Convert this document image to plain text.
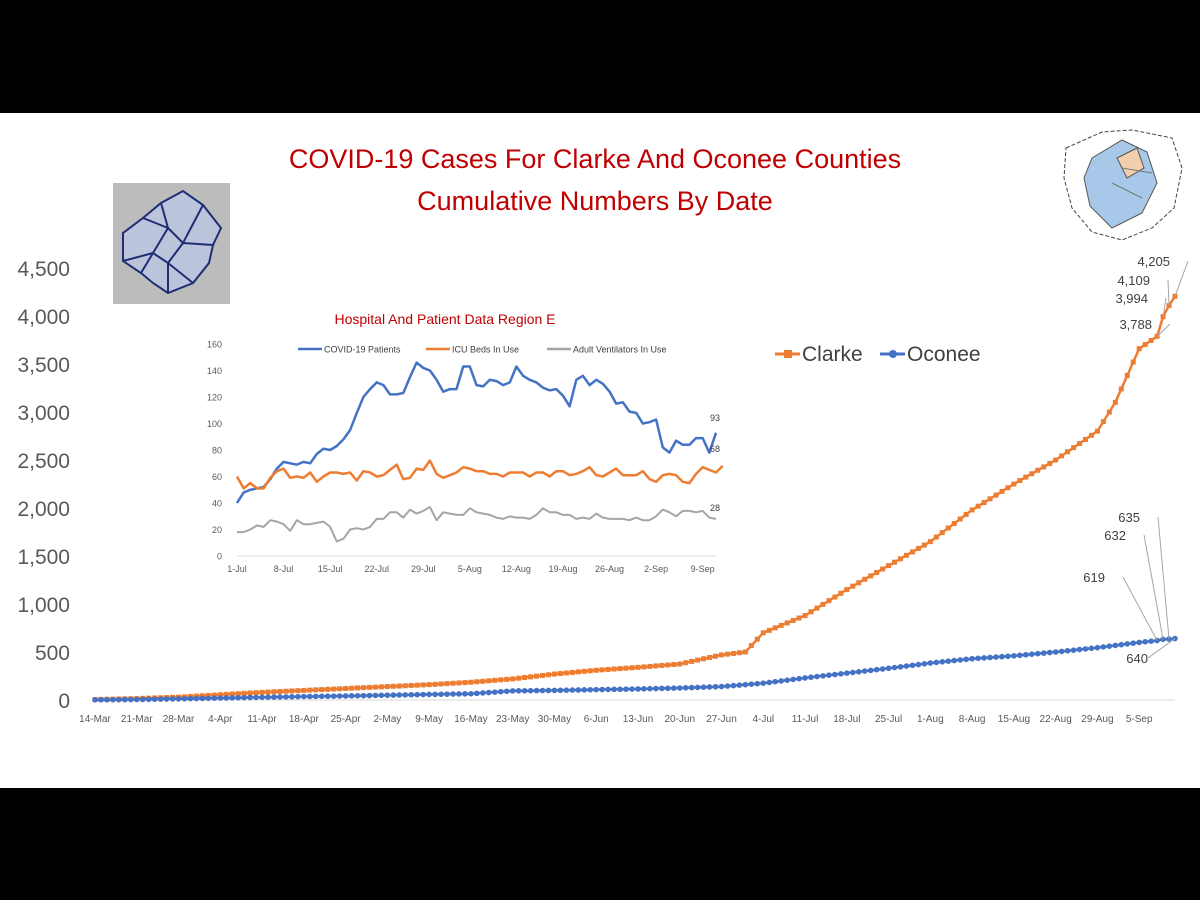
0
500
1,000
1,500
2,000
2,500
3,000
3,500
4,000
4,500
14-Mar 21-Mar 28-Mar 4-Apr 11-Apr 18-Apr 25-Apr 2-May 9-May 16-May 23-May 30-May 6-Jun 13-Jun 20-Jun 27-Jun 4-Jul 11-Jul 18-Jul 25-Jul 1-Aug 8-Aug 15-Aug 22-Aug 29-Aug 5-Sep
3,788
3,994
4,109
4,205
619
632
635
640
Clarke Oconee
0
20
40
60
80
100
120
140
160
1-Jul	8-Jul	15-Jul 22-Jul 29-Jul 5-Aug 12-Aug 19-Aug 26-Aug 2-Sep	9-Sep
93
68
28
COVID-19 Patients	ICU Beds In Use	Adult Ventilators In Use
COVID-19 Cases For Clarke And Oconee Counties
Cumulative Numbers By Date
Hospital And Patient Data Region E
